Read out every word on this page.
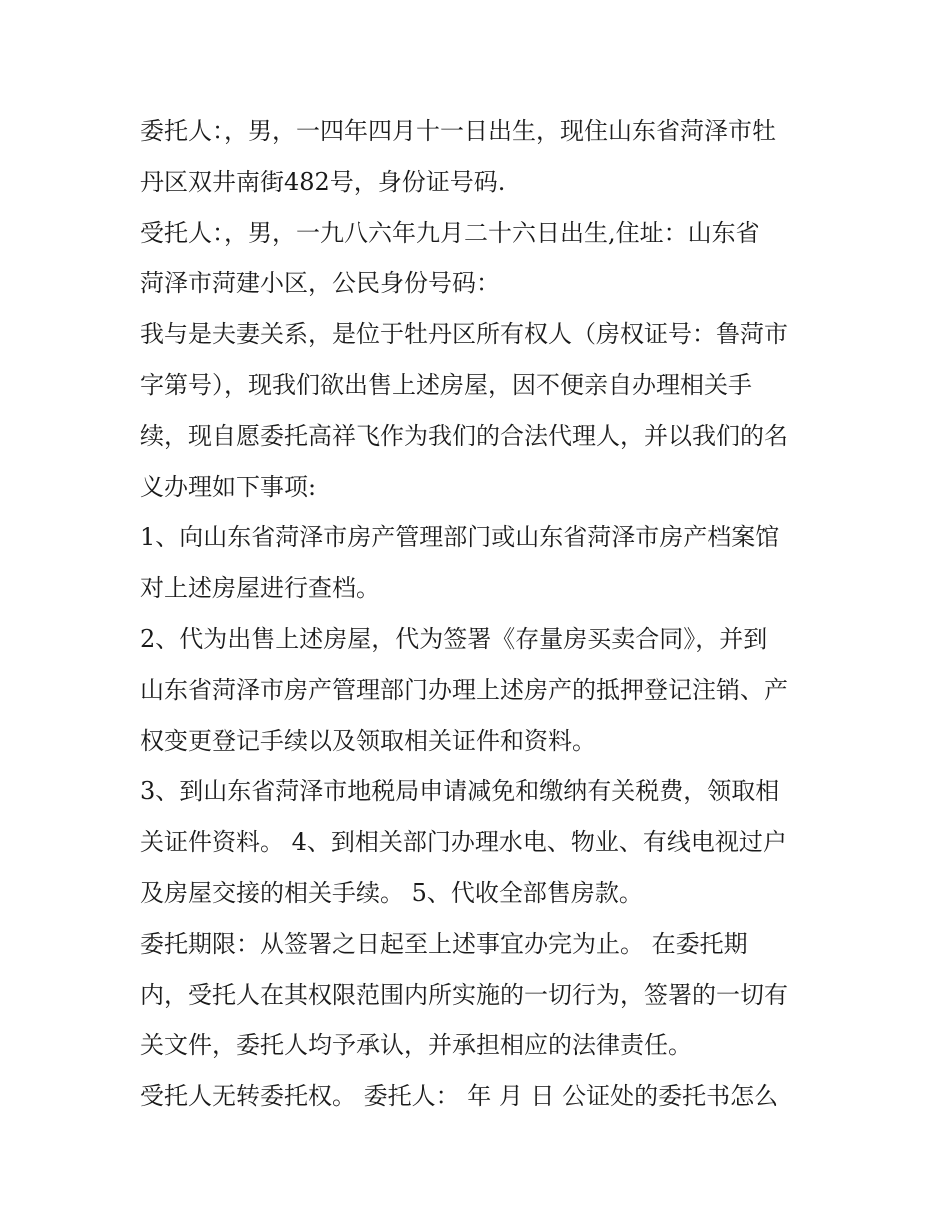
委托人：，男，一四年四月十一日出生，现住山东省菏泽市牡
丹区双井南街482号，身份证号码.
受托人：，男，一九八六年九月二十六日出生,住址：山东省
菏泽市菏建小区，公民身份号码：
我与是夫妻关系，是位于牡丹区所有权人（房权证号：鲁菏市
字第号），现我们欲出售上述房屋，因不便亲自办理相关手
续，现自愿委托高祥飞作为我们的合法代理人，并以我们的名
义办理如下事项:
1、向山东省菏泽市房产管理部门或山东省菏泽市房产档案馆
对上述房屋进行查档。
2、代为出售上述房屋，代为签署《存量房买卖合同》，并到
山东省菏泽市房产管理部门办理上述房产的抵押登记注销、产
权变更登记手续以及领取相关证件和资料。
3、到山东省菏泽市地税局申请减免和缴纳有关税费，领取相
关证件资料。 4、到相关部门办理水电、物业、有线电视过户
及房屋交接的相关手续。 5、代收全部售房款。
委托期限：从签署之日起至上述事宜办完为止。 在委托期
内，受托人在其权限范围内所实施的一切行为，签署的一切有
关文件，委托人均予承认，并承担相应的法律责任。
受托人无转委托权。 委托人： 年 月 日 公证处的委托书怎么
